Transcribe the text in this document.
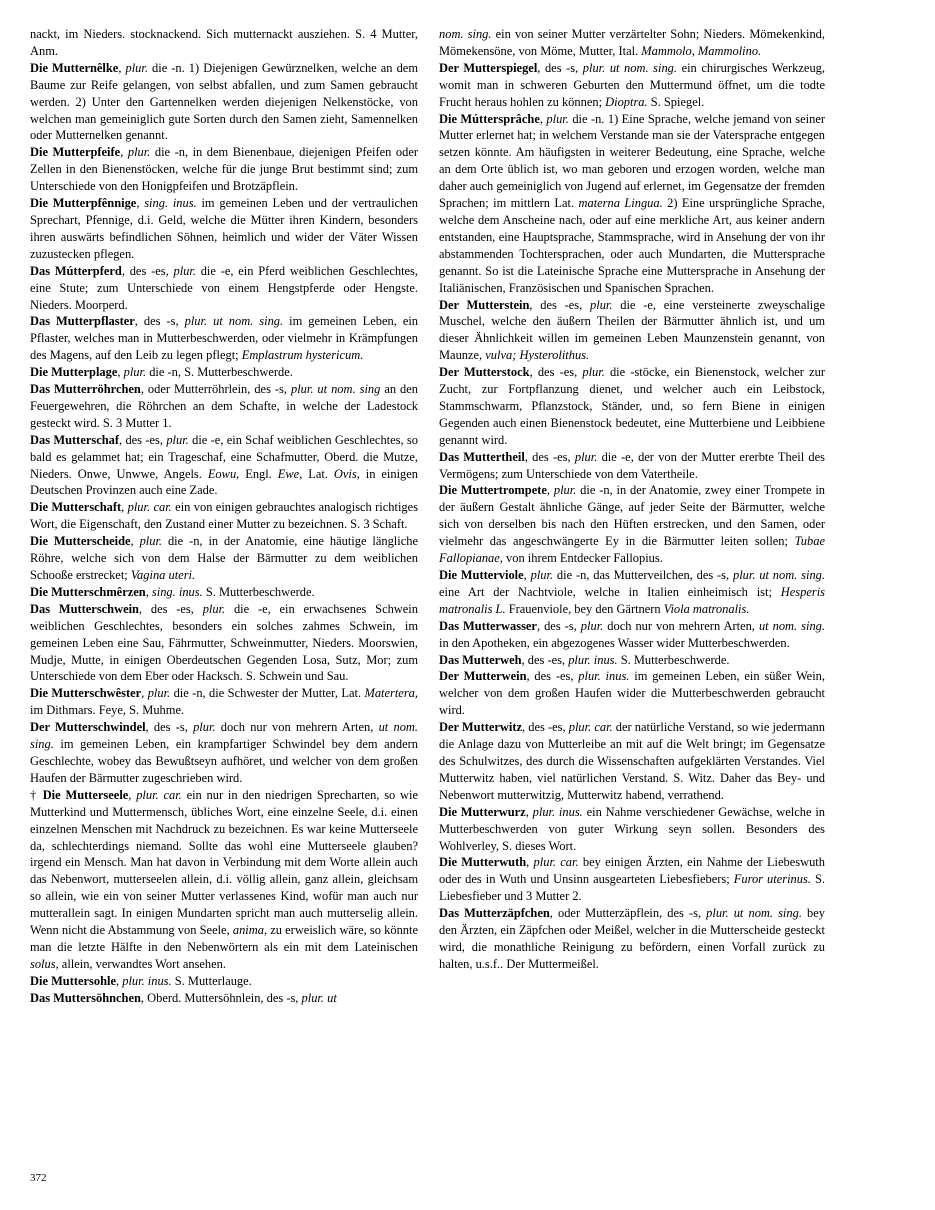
nackt, im Nieders. stocknackend. Sich mutternackt ausziehen. S. 4 Mutter, Anm.
Die Mutternêlke, plur. die -n. 1) Diejenigen Gewürznelken, welche an dem Baume zur Reife gelangen, von selbst abfallen, und zum Samen gebraucht werden. 2) Unter den Gartennelken werden diejenigen Nelkenstöcke, von welchen man gemeiniglich gute Sorten durch den Samen zieht, Samennelken oder Mutternelken genannt.
Die Mutterpfeife, plur. die -n, in dem Bienenbaue, diejenigen Pfeifen oder Zellen in den Bienenstöcken, welche für die junge Brut bestimmt sind; zum Unterschiede von den Honigpfeifen und Brotzäpflein.
Die Mutterpfênnige, sing. inus. im gemeinen Leben und der vertraulichen Sprechart, Pfennige, d.i. Geld, welche die Mütter ihren Kindern, besonders ihren auswärts befindlichen Söhnen, heimlich und wider der Väter Wissen zuzustecken pflegen.
Das Mútterpferd, des -es, plur. die -e, ein Pferd weiblichen Geschlechtes, eine Stute; zum Unterschiede von einem Hengstpferde oder Hengste. Nieders. Moorperd.
Das Mutterpflaster, des -s, plur. ut nom. sing. im gemeinen Leben, ein Pflaster, welches man in Mutterbeschwerden, oder vielmehr in Krämpfungen des Magens, auf den Leib zu legen pflegt; Emplastrum hystericum.
Die Mutterplage, plur. die -n, S. Mutterbeschwerde.
Das Mutterröhrchen, oder Mutterröhrlein, des -s, plur. ut nom. sing an den Feuergewehren, die Röhrchen an dem Schafte, in welche der Ladestock gesteckt wird. S. 3 Mutter 1.
Das Mutterschaf, des -es, plur. die -e, ein Schaf weiblichen Geschlechtes, so bald es gelammet hat; ein Trageschaf, eine Schafmutter, Oberd. die Mutze, Nieders. Onwe, Unwwe, Angels. Eowu, Engl. Ewe, Lat. Ovis, in einigen Deutschen Provinzen auch eine Zade.
Die Mutterschaft, plur. car. ein von einigen gebrauchtes analogisch richtiges Wort, die Eigenschaft, den Zustand einer Mutter zu bezeichnen. S. 3 Schaft.
Die Mutterscheide, plur. die -n, in der Anatomie, eine häutige längliche Röhre, welche sich von dem Halse der Bärmutter zu dem weiblichen Schooße erstrecket; Vagina uteri.
Die Mutterschmêrzen, sing. inus. S. Mutterbeschwerde.
Das Mutterschwein, des -es, plur. die -e, ein erwachsenes Schwein weiblichen Geschlechtes, besonders ein solches zahmes Schwein, im gemeinen Leben eine Sau, Fährmutter, Schweinmutter, Nieders. Moorswien, Mudje, Mutte, in einigen Oberdeutschen Gegenden Losa, Sutz, Mor; zum Unterschiede von dem Eber oder Hacksch. S. Schwein und Sau.
Die Mutterschwêster, plur. die -n, die Schwester der Mutter, Lat. Matertera, im Dithmars. Feye, S. Muhme.
Der Mutterschwindel, des -s, plur. doch nur von mehrern Arten, ut nom. sing. im gemeinen Leben, ein krampfartiger Schwindel bey dem andern Geschlechte, wobey das Bewußtseyn aufhöret, und welcher von dem großen Haufen der Bärmutter zugeschrieben wird.
† Die Mutterseele, plur. car. ein nur in den niedrigen Sprecharten, so wie Mutterkind und Muttermensch, übliches Wort, eine einzelne Seele, d.i. einen einzelnen Menschen mit Nachdruck zu bezeichnen. Es war keine Mutterseele da, schlechterdings niemand. Sollte das wohl eine Mutterseele glauben? irgend ein Mensch. Man hat davon in Verbindung mit dem Worte allein auch das Nebenwort, mutterseelen allein, d.i. völlig allein, ganz allein, gleichsam so allein, wie ein von seiner Mutter verlassenes Kind, wofür man auch nur mutterallein sagt. In einigen Mundarten spricht man auch mutterselig allein. Wenn nicht die Abstammung von Seele, anima, zu erweislich wäre, so könnte man die letzte Hälfte in den Nebenwörtern als ein mit dem Lateinischen solus, allein, verwandtes Wort ansehen.
Die Muttersohle, plur. inus. S. Mutterlauge.
Das Muttersöhnchen, Oberd. Muttersöhnlein, des -s, plur. ut
nom. sing. ein von seiner Mutter verzärtelter Sohn; Nieders. Mömekenkind, Mömekensöne, von Möme, Mutter, Ital. Mammolo, Mammolino.
Der Mutterspiegel, des -s, plur. ut nom. sing. ein chirurgisches Werkzeug, womit man in schweren Geburten den Muttermund öffnet, um die todte Frucht heraus hohlen zu können; Dioptra. S. Spiegel.
Die Múttersprâche, plur. die -n. 1) Eine Sprache, welche jemand von seiner Mutter erlernet hat; in welchem Verstande man sie der Vatersprache entgegen setzen könnte. Am häufigsten in weiterer Bedeutung, eine Sprache, welche an dem Orte üblich ist, wo man geboren und erzogen worden, welche man daher auch gemeiniglich von Jugend auf erlernet, im Gegensatze der fremden Sprachen; im mittlern Lat. materna Lingua. 2) Eine ursprüngliche Sprache, welche dem Anscheine nach, oder auf eine merkliche Art, aus keiner andern entstanden, eine Hauptsprache, Stammsprache, wird in Ansehung der von ihr abstammenden Tochtersprachen, oder auch Mundarten, die Muttersprache genannt. So ist die Lateinische Sprache eine Muttersprache in Ansehung der Italiänischen, Französischen und Spanischen Sprachen.
Der Mutterstein, des -es, plur. die -e, eine versteinerte zweyschalige Muschel, welche den äußern Theilen der Bärmutter ähnlich ist, und um dieser Ähnlichkeit willen im gemeinen Leben Maunzenstein genannt, von Maunze, vulva; Hysterolithus.
Der Mutterstock, des -es, plur. die -stöcke, ein Bienenstock, welcher zur Zucht, zur Fortpflanzung dienet, und welcher auch ein Leibstock, Stammschwarm, Pflanzstock, Ständer, und, so fern Biene in einigen Gegenden auch einen Bienenstock bedeutet, eine Mutterbiene und Leibbiene genannt wird.
Das Muttertheil, des -es, plur. die -e, der von der Mutter ererbte Theil des Vermögens; zum Unterschiede von dem Vatertheile.
Die Muttertrompete, plur. die -n, in der Anatomie, zwey einer Trompete in der äußern Gestalt ähnliche Gänge, auf jeder Seite der Bärmutter, welche sich von derselben bis nach den Hüften erstrecken, und den Samen, oder vielmehr das angeschwängerte Ey in die Bärmutter leiten sollen; Tubae Fallopianae, von ihrem Entdecker Fallopius.
Die Mutterviole, plur. die -n, das Mutterveilchen, des -s, plur. ut nom. sing. eine Art der Nachtviole, welche in Italien einheimisch ist; Hesperis matronalis L. Frauenviole, bey den Gärtnern Viola matronalis.
Das Mutterwasser, des -s, plur. doch nur von mehrern Arten, ut nom. sing. in den Apotheken, ein abgezogenes Wasser wider Mutterbeschwerden.
Das Mutterweh, des -es, plur. inus. S. Mutterbeschwerde.
Der Mutterwein, des -es, plur. inus. im gemeinen Leben, ein süßer Wein, welcher von dem großen Haufen wider die Mutterbeschwerden gebraucht wird.
Der Mutterwitz, des -es, plur. car. der natürliche Verstand, so wie jedermann die Anlage dazu von Mutterleibe an mit auf die Welt bringt; im Gegensatze des Schulwitzes, des durch die Wissenschaften aufgeklärten Verstandes. Viel Mutterwitz haben, viel natürlichen Verstand. S. Witz. Daher das Bey- und Nebenwort mutterwitzig, Mutterwitz habend, verrathend.
Die Mutterwurz, plur. inus. ein Nahme verschiedener Gewächse, welche in Mutterbeschwerden von guter Wirkung seyn sollen. Besonders des Wohlverley, S. dieses Wort.
Die Mutterwuth, plur. car. bey einigen Ärzten, ein Nahme der Liebeswuth oder des in Wuth und Unsinn ausgearteten Liebesfiebers; Furor uterinus. S. Liebesfieber und 3 Mutter 2.
Das Mutterzäpfchen, oder Mutterzäpflein, des -s, plur. ut nom. sing. bey den Ärzten, ein Zäpfchen oder Meißel, welcher in die Mutterscheide gesteckt wird, die monathliche Reinigung zu befördern, einen Vorfall zurück zu halten, u.s.f.. Der Muttermeißel.
372
